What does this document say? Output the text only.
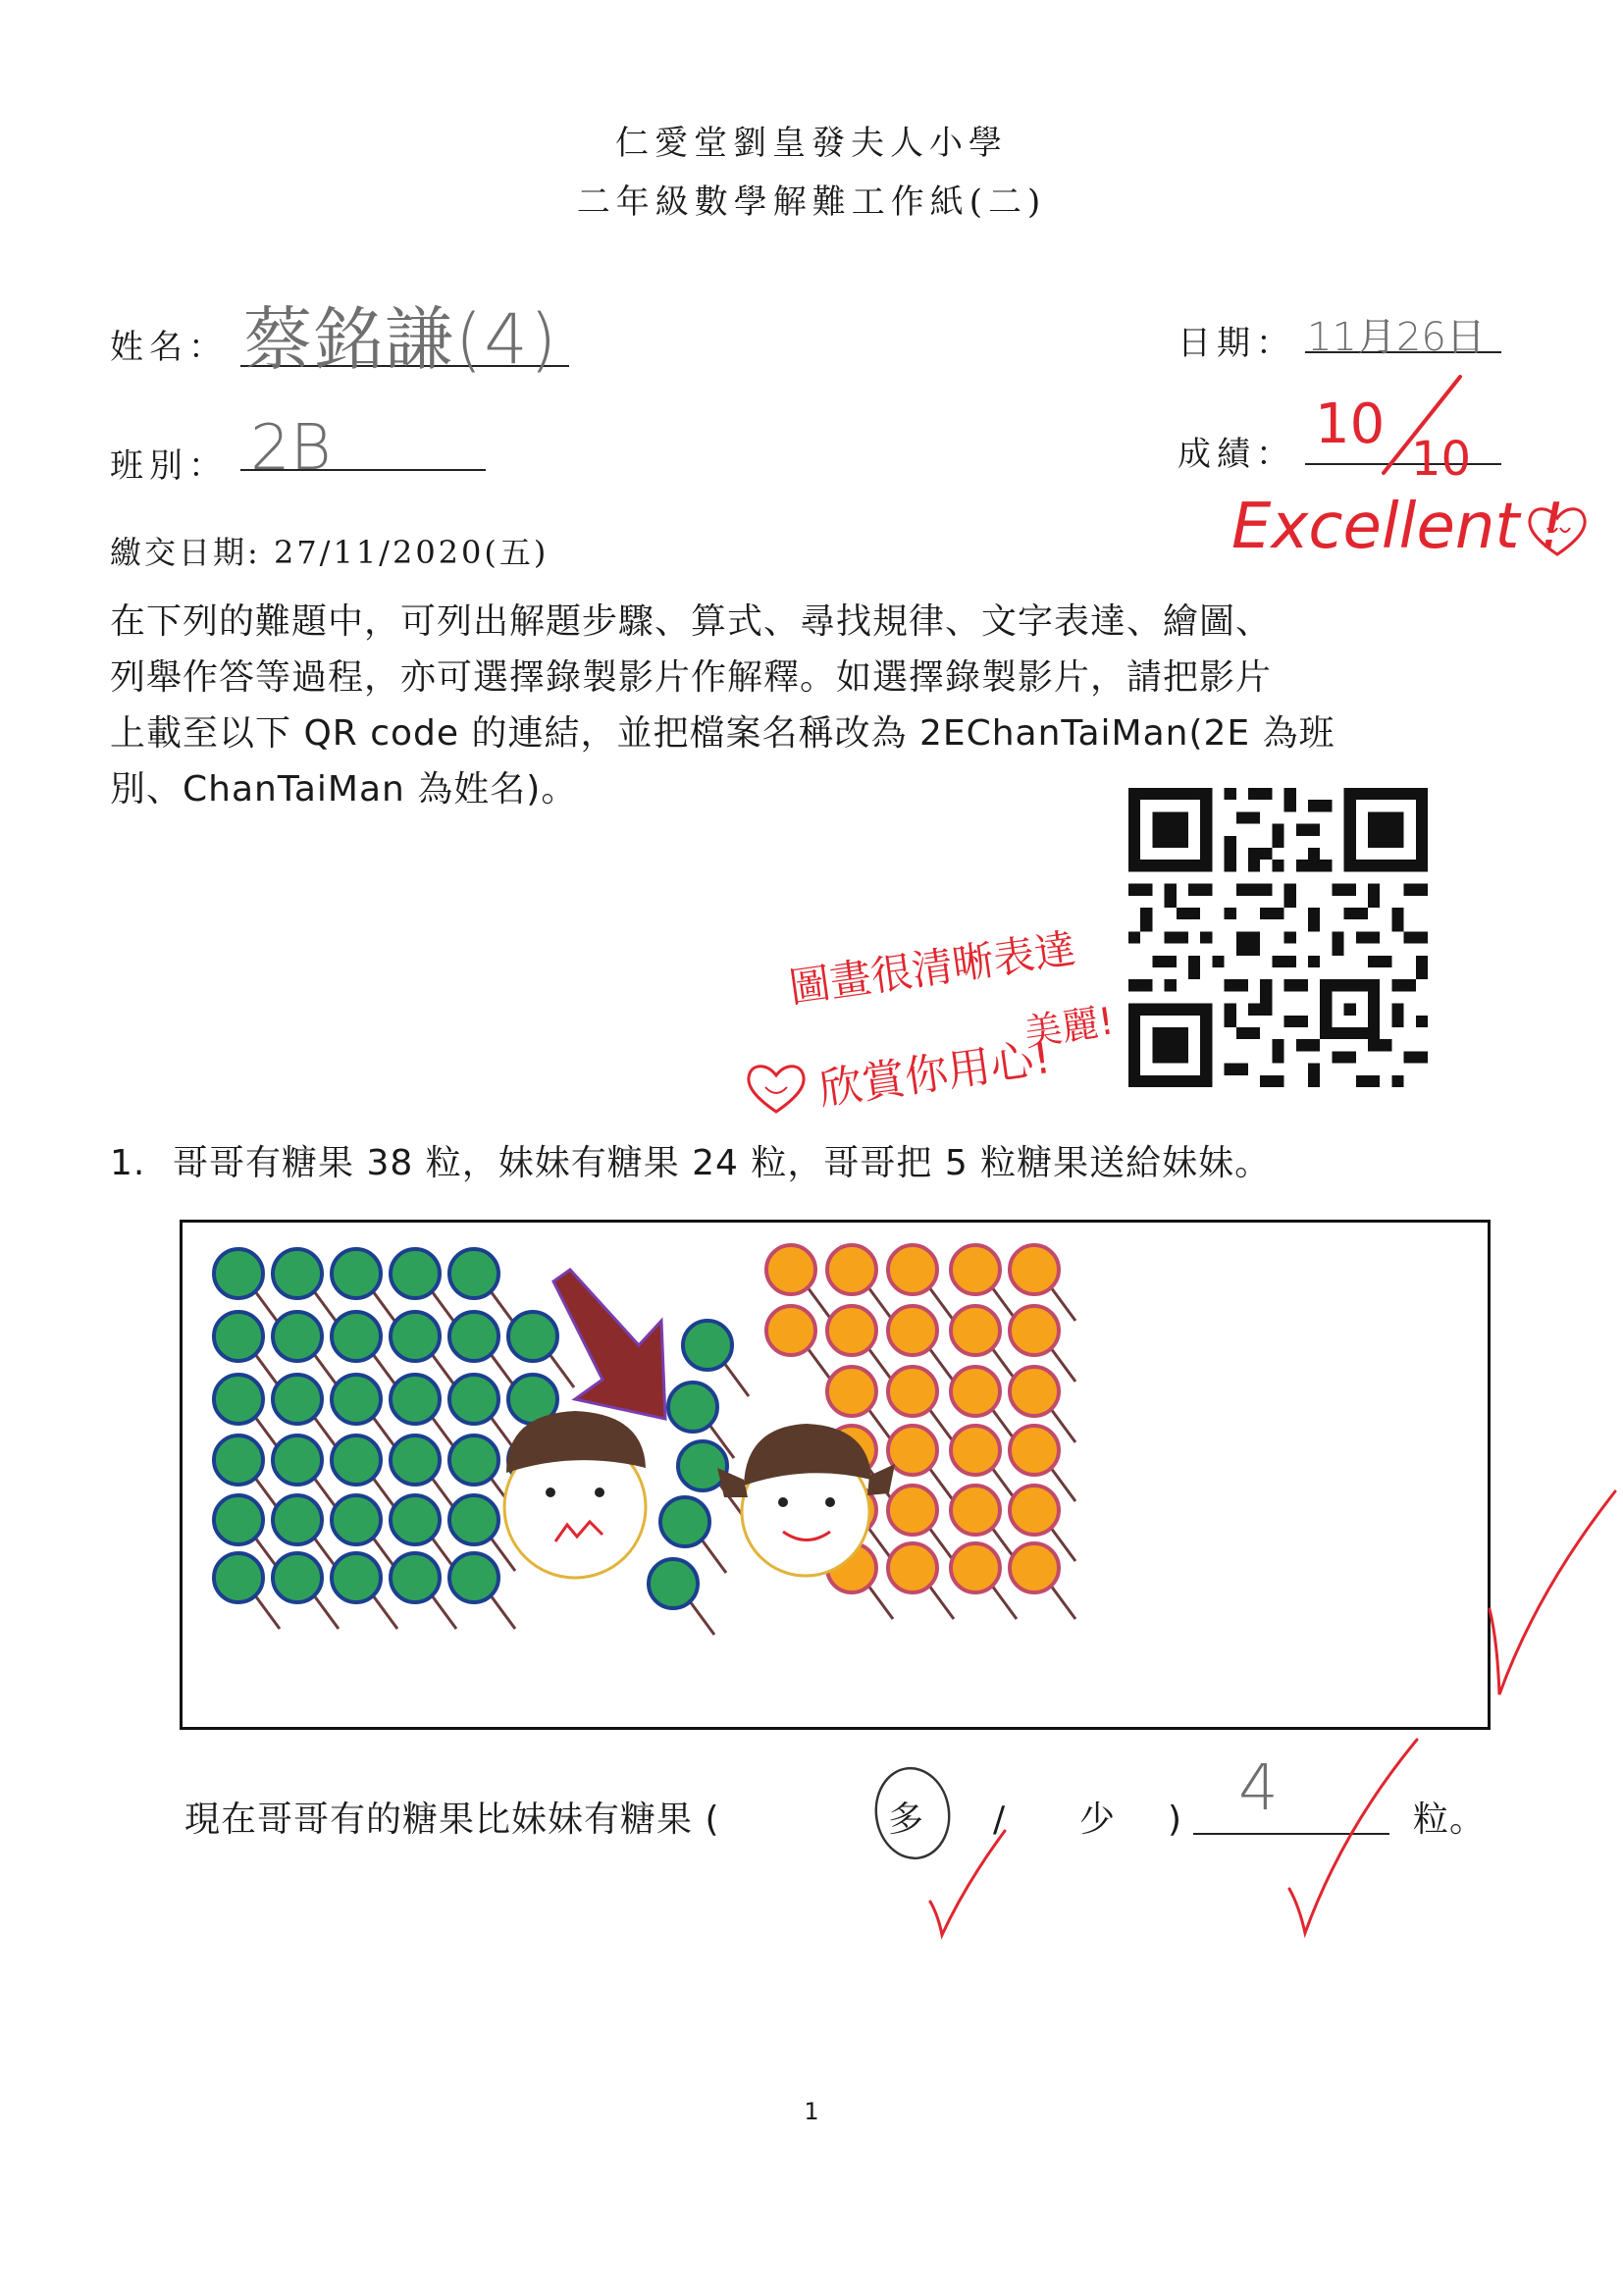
仁愛堂劉皇發夫人小學
二年級數學解難工作紙(二)
姓名： 蔡銘謙(4)	日期： 11月26日
班別： 2B	成績： 10
10
Excellent !
繳交日期: 27/11/2020(五)
在下列的難題中，可列出解題步驟、算式、尋找規律、文字表達、繪圖、
列舉作答等過程，亦可選擇錄製影片作解釋。如選擇錄製影片，請把影片
上載至以下 QR code 的連結，並把檔案名稱改為 2EChanTaiMan(2E 為班
別、ChanTaiMan 為姓名)。
圖畫很清晰表達
美麗!
欣賞你用心!
1. 哥哥有糖果 38 粒，妹妹有糖果 24 粒，哥哥把 5 粒糖果送給妹妹。
現在哥哥有的糖果比妹妹有糖果 (	多 / 少 ) 4	粒。
1
